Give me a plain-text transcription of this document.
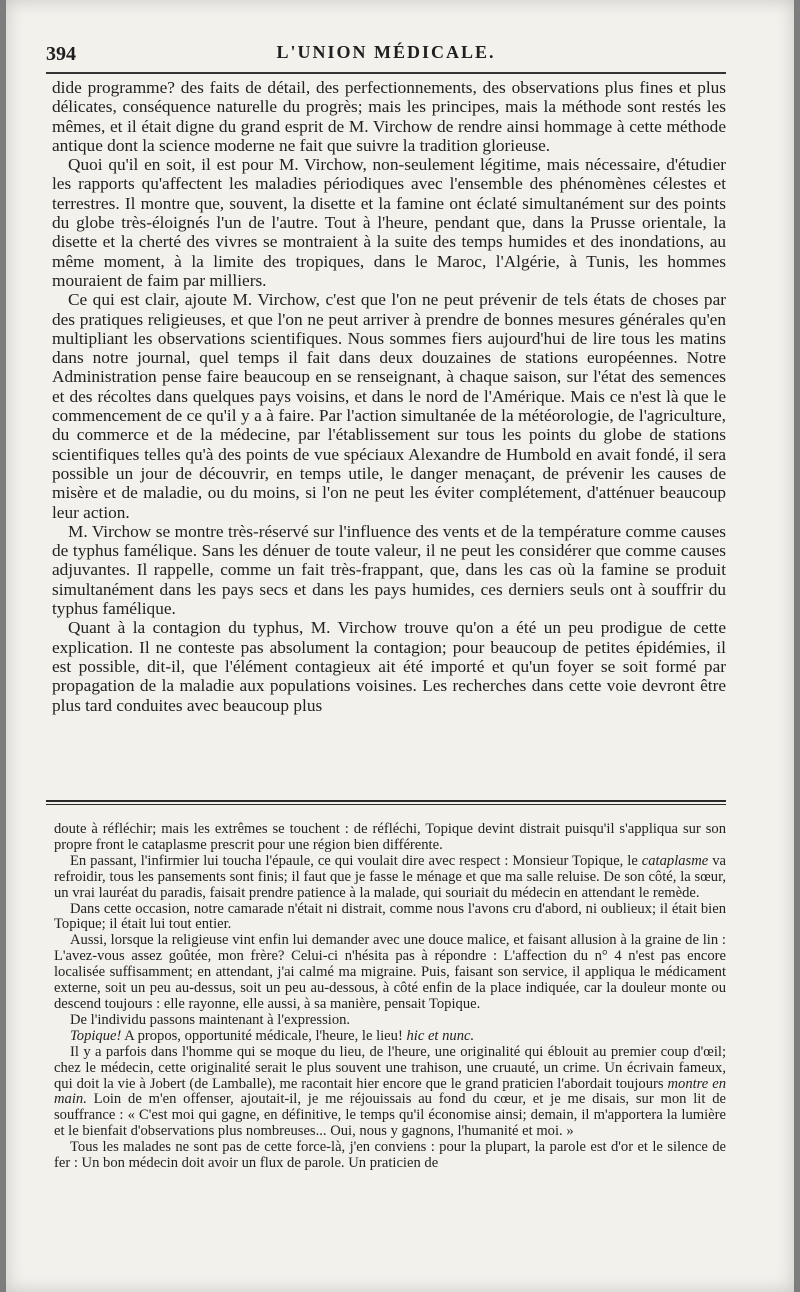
394	L'UNION MÉDICALE.

dide programme? des faits de détail, des perfectionnements, des observations plus fines et plus délicates, conséquence naturelle du progrès; mais les principes, mais la méthode sont restés les mêmes, et il était digne du grand esprit de M. Virchow de rendre ainsi hommage à cette méthode antique dont la science moderne ne fait que suivre la tradition glorieuse.

Quoi qu'il en soit, il est pour M. Virchow, non-seulement légitime, mais nécessaire, d'étudier les rapports qu'affectent les maladies périodiques avec l'ensemble des phénomènes célestes et terrestres. Il montre que, souvent, la disette et la famine ont éclaté simultanément sur des points du globe très-éloignés l'un de l'autre. Tout à l'heure, pendant que, dans la Prusse orientale, la disette et la cherté des vivres se montraient à la suite des temps humides et des inondations, au même moment, à la limite des tropiques, dans le Maroc, l'Algérie, à Tunis, les hommes mouraient de faim par milliers.

Ce qui est clair, ajoute M. Virchow, c'est que l'on ne peut prévenir de tels états de choses par des pratiques religieuses, et que l'on ne peut arriver à prendre de bonnes mesures générales qu'en multipliant les observations scientifiques. Nous sommes fiers aujourd'hui de lire tous les matins dans notre journal, quel temps il fait dans deux douzaines de stations européennes. Notre Administration pense faire beaucoup en se renseignant, à chaque saison, sur l'état des semences et des récoltes dans quelques pays voisins, et dans le nord de l'Amérique. Mais ce n'est là que le commencement de ce qu'il y a à faire. Par l'action simultanée de la météorologie, de l'agriculture, du commerce et de la médecine, par l'établissement sur tous les points du globe de stations scientifiques telles qu'à des points de vue spéciaux Alexandre de Humbold en avait fondé, il sera possible un jour de découvrir, en temps utile, le danger menaçant, de prévenir les causes de misère et de maladie, ou du moins, si l'on ne peut les éviter complétement, d'atténuer beaucoup leur action.

M. Virchow se montre très-réservé sur l'influence des vents et de la température comme causes de typhus famélique. Sans les dénuer de toute valeur, il ne peut les considérer que comme causes adjuvantes. Il rappelle, comme un fait très-frappant, que, dans les cas où la famine se produit simultanément dans les pays secs et dans les pays humides, ces derniers seuls ont à souffrir du typhus famélique.

Quant à la contagion du typhus, M. Virchow trouve qu'on a été un peu prodigue de cette explication. Il ne conteste pas absolument la contagion; pour beaucoup de petites épidémies, il est possible, dit-il, que l'élément contagieux ait été importé et qu'un foyer se soit formé par propagation de la maladie aux populations voisines. Les recherches dans cette voie devront être plus tard conduites avec beaucoup plus

doute à réfléchir; mais les extrêmes se touchent : de réfléchi, Topique devint distrait puisqu'il s'appliqua sur son propre front le cataplasme prescrit pour une région bien différente.

En passant, l'infirmier lui toucha l'épaule, ce qui voulait dire avec respect : Monsieur Topique, le cataplasme va refroidir, tous les pansements sont finis; il faut que je fasse le ménage et que ma salle reluise. De son côté, la sœur, un vrai lauréat du paradis, faisait prendre patience à la malade, qui souriait du médecin en attendant le remède.

Dans cette occasion, notre camarade n'était ni distrait, comme nous l'avons cru d'abord, ni oublieux; il était bien Topique; il était lui tout entier.

Aussi, lorsque la religieuse vint enfin lui demander avec une douce malice, et faisant allusion à la graine de lin : L'avez-vous assez goûtée, mon frère? Celui-ci n'hésita pas à répondre : L'affection du n° 4 n'est pas encore localisée suffisamment; en attendant, j'ai calmé ma migraine. Puis, faisant son service, il appliqua le médicament externe, soit un peu au-dessus, soit un peu au-dessous, à côté enfin de la place indiquée, car la douleur monte ou descend toujours : elle rayonne, elle aussi, à sa manière, pensait Topique.

De l'individu passons maintenant à l'expression.

Topique! A propos, opportunité médicale, l'heure, le lieu! hic et nunc.

Il y a parfois dans l'homme qui se moque du lieu, de l'heure, une originalité qui éblouit au premier coup d'œil; chez le médecin, cette originalité serait le plus souvent une trahison, une cruauté, un crime. Un écrivain fameux, qui doit la vie à Jobert (de Lamballe), me racontait hier encore que le grand praticien l'abordait toujours montre en main. Loin de m'en offenser, ajoutait-il, je me réjouissais au fond du cœur, et je me disais, sur mon lit de souffrance : « C'est moi qui gagne, en définitive, le temps qu'il économise ainsi; demain, il m'apportera la lumière et le bienfait d'observations plus nombreuses... Oui, nous y gagnons, l'humanité et moi. »

Tous les malades ne sont pas de cette force-là, j'en conviens : pour la plupart, la parole est d'or et le silence de fer : Un bon médecin doit avoir un flux de parole. Un praticien de
